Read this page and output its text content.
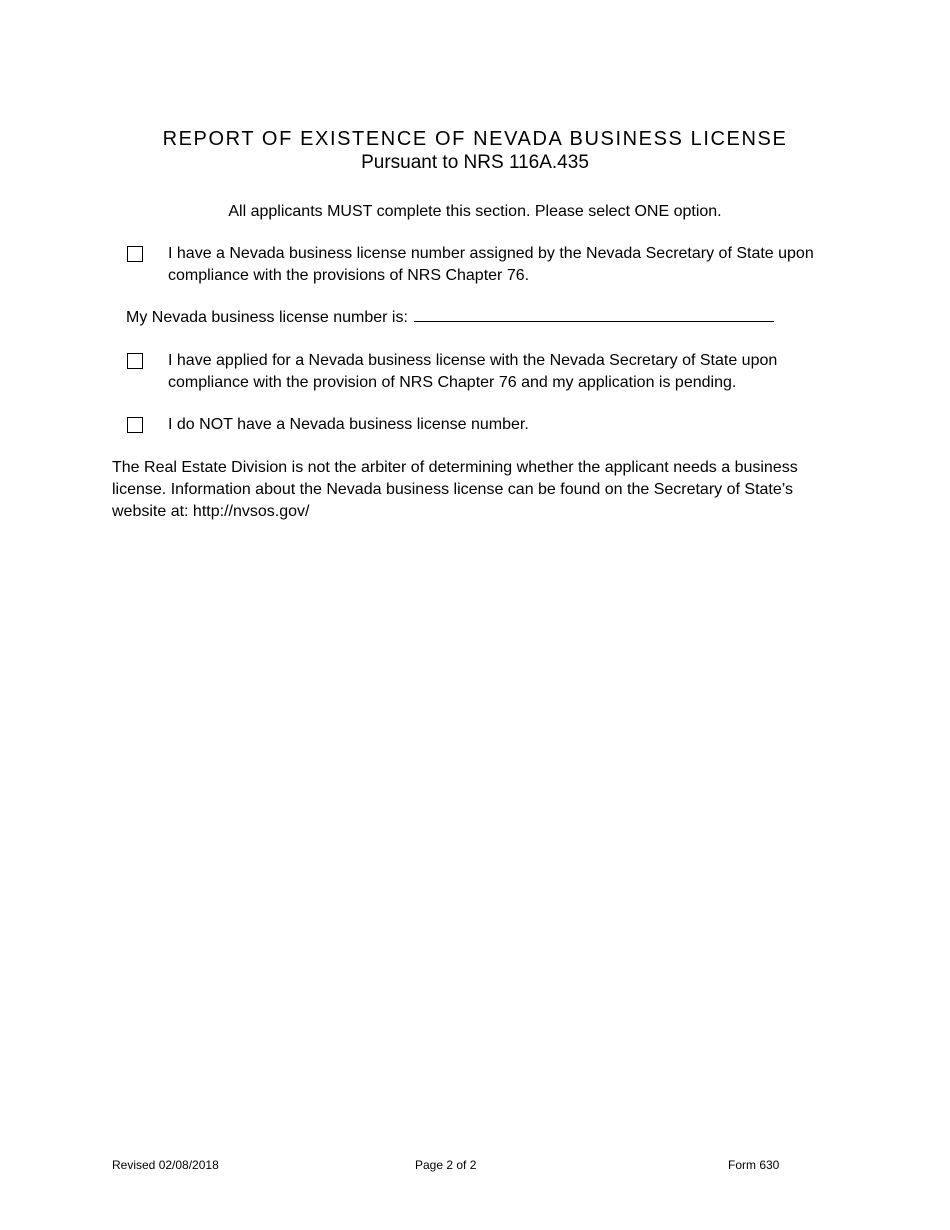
REPORT OF EXISTENCE OF NEVADA BUSINESS LICENSE
Pursuant to NRS 116A.435
All applicants MUST complete this section. Please select ONE option.
I have a Nevada business license number assigned by the Nevada Secretary of State upon compliance with the provisions of NRS Chapter 76.
My Nevada business license number is:
I have applied for a Nevada business license with the Nevada Secretary of State upon compliance with the provision of NRS Chapter 76 and my application is pending.
I do NOT have a Nevada business license number.
The Real Estate Division is not the arbiter of determining whether the applicant needs a business license. Information about the Nevada business license can be found on the Secretary of State’s website at: http://nvsos.gov/
Revised 02/08/2018	Page 2 of 2	Form 630
